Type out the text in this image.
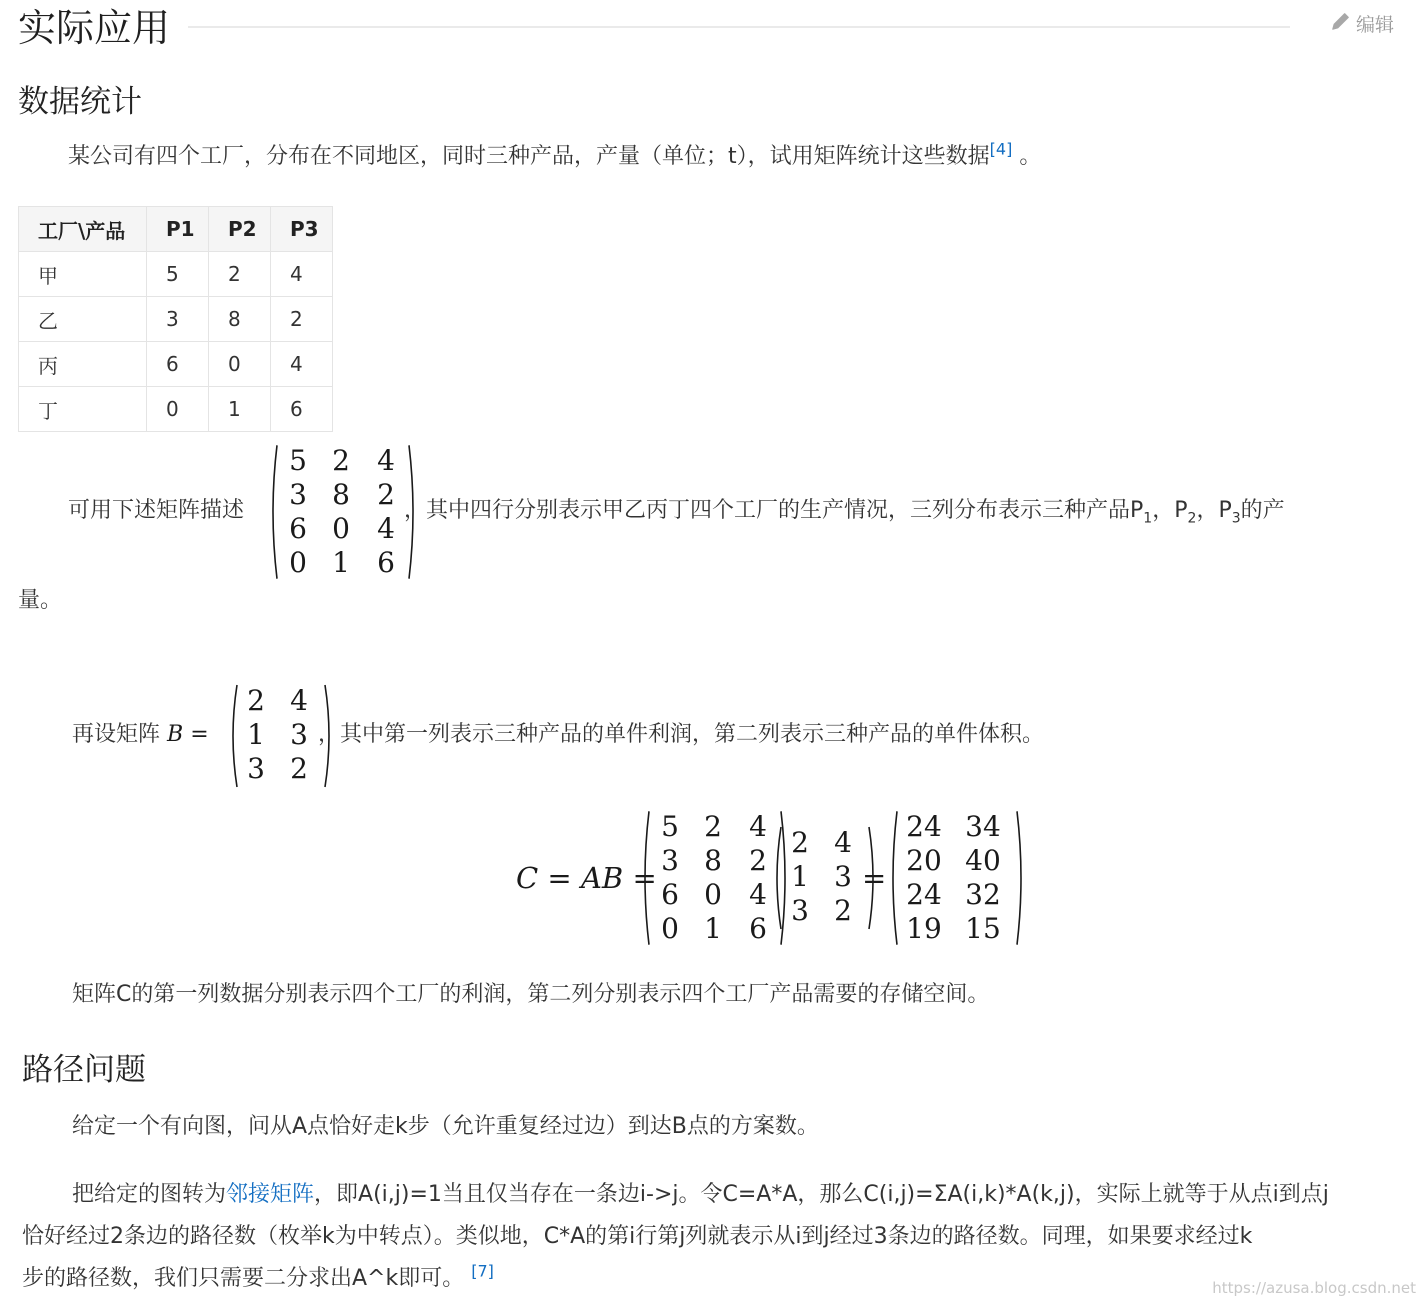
实际应用	编辑
数据统计
某公司有四个工厂，分布在不同地区，同时三种产品，产量（单位；t），试用矩阵统计这些数据[4] 。
工厂\产品	P1	P2	P3
甲	5	2	4
乙	3	8	2
丙	6	0	4
丁	0	1	6
可用下述矩阵描述
5 2 4
3 8 2
6 0 4
0 1 6
，其中四行分别表示甲乙丙丁四个工厂的生产情况，三列分布表示三种产品$P_1$，$P_2$，$P_3$的产
量。
再设矩阵 B =
2 4
1 3
3 2
，其中第一列表示三种产品的单件利润，第二列表示三种产品的单件体积。
C = AB =
5 2 4
3 8 2
6 0 4
0 1 6
2 4
1 3
3 2
=
24 34
20 40
24 32
19 15
矩阵C的第一列数据分别表示四个工厂的利润，第二列分别表示四个工厂产品需要的存储空间。
路径问题
给定一个有向图，问从A点恰好走k步（允许重复经过边）到达B点的方案数。
把给定的图转为邻接矩阵，即A(i,j)=1当且仅当存在一条边i->j。令C=A*A，那么C(i,j)=ΣA(i,k)*A(k,j)，实际上就等于从点i到点j
恰好经过2条边的路径数（枚举k为中转点）。类似地，C*A的第i行第j列就表示从i到j经过3条边的路径数。同理，如果要求经过k
步的路径数，我们只需要二分求出A^k即可。 [7]
https://azusa.blog.csdn.net
